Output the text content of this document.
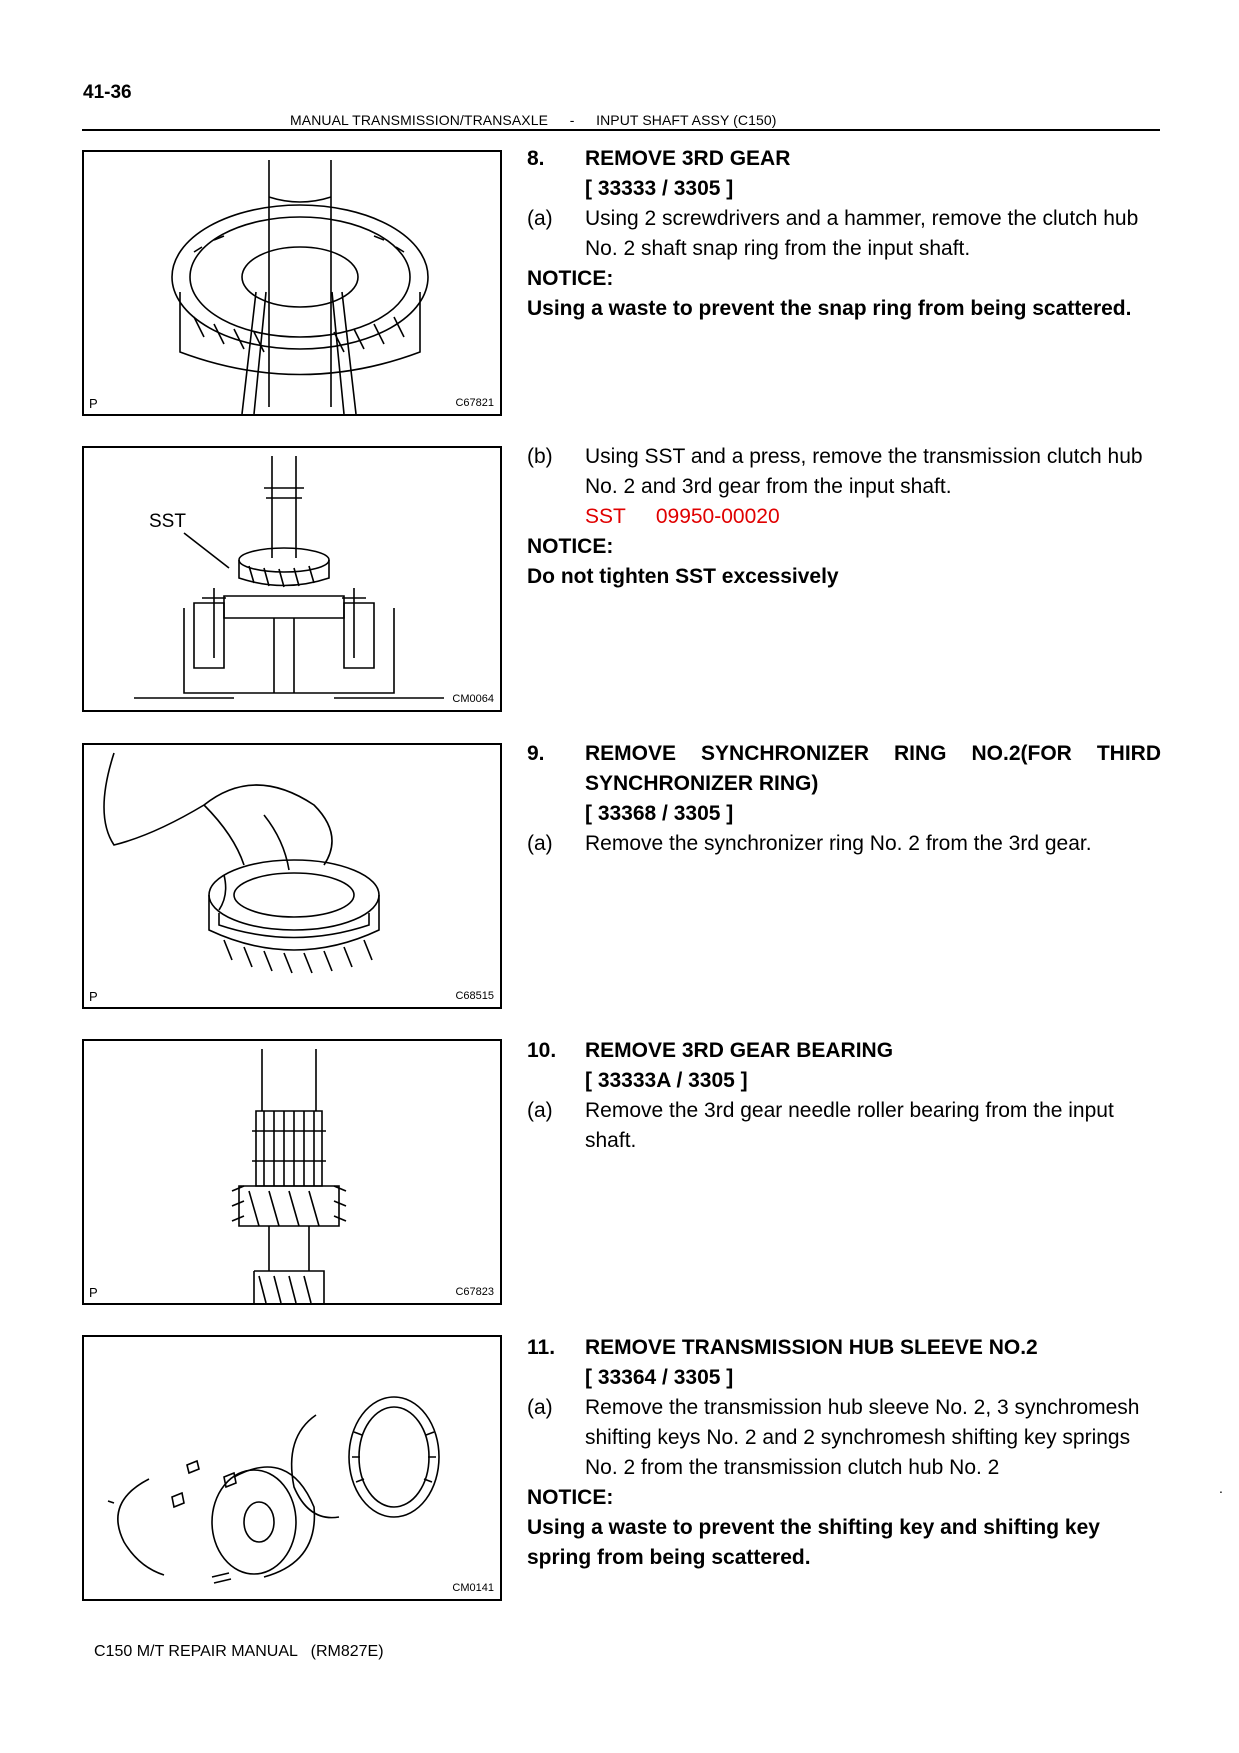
41-36
MANUAL TRANSMISSION/TRANSAXLE - INPUT SHAFT ASSY (C150)
P	C67821
SST
CM0064
P	C68515
P	C67823
CM0141
8.	REMOVE 3RD GEAR
[ 33333 / 3305 ]
(a)	Using 2 screwdrivers and a hammer, remove the clutch hub No. 2 shaft snap ring from the input shaft.
NOTICE:
Using a waste to prevent the snap ring from being scattered.
(b)	Using SST and a press, remove the transmission clutch hub No. 2 and 3rd gear from the input shaft.
SST 09950-00020
NOTICE:
Do not tighten SST excessively
9.	REMOVE SYNCHRONIZER RING NO.2(FOR THIRD SYNCHRONIZER RING)
[ 33368 / 3305 ]
(a)	Remove the synchronizer ring No. 2 from the 3rd gear.
10.	REMOVE 3RD GEAR BEARING
[ 33333A / 3305 ]
(a)	Remove the 3rd gear needle roller bearing from the input shaft.
11.	REMOVE TRANSMISSION HUB SLEEVE NO.2
[ 33364 / 3305 ]
(a)	Remove the transmission hub sleeve No. 2, 3 synchromesh shifting keys No. 2 and 2 synchromesh shifting key springs No. 2 from the transmission clutch hub No. 2
NOTICE:
Using a waste to prevent the shifting key and shifting key spring from being scattered.
.
C150 M/T REPAIR MANUAL   (RM827E)
